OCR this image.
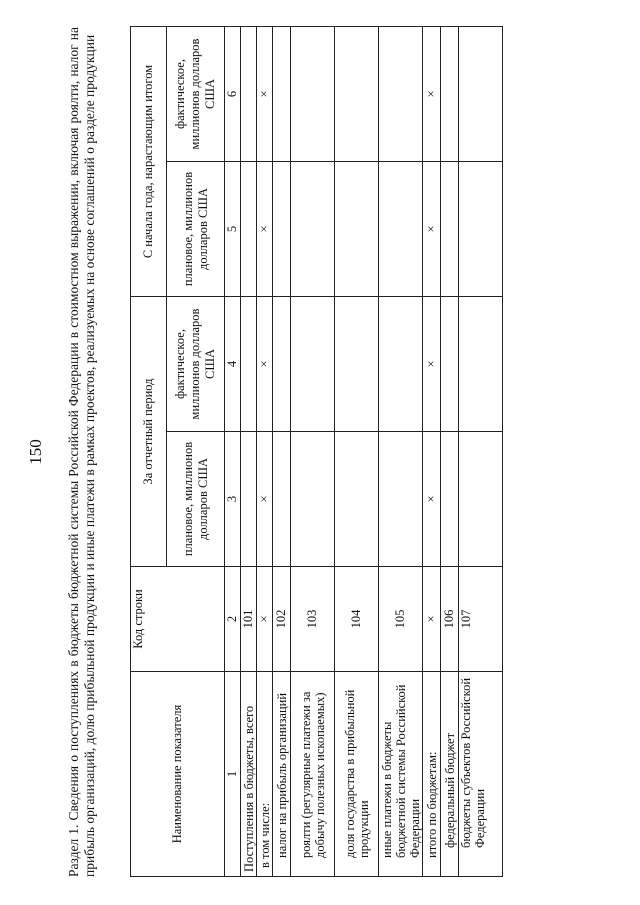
150 Раздел 1. Сведения о поступлениях в бюджеты бюджетной системы Российской Федерации в стоимостном выражении, включая роялти, налог на прибыль организаций, долю прибыльной продукции и иные платежи в рамках проектов, реализуемых на основе соглашений о разделе продукции	Наименование показателя	Код строки	За отчетный период		С начала года, нарастающим итогом	
		плановое, миллионов долларов США	фактическое, миллионов долларов США	плановое, миллионов долларов США	фактическое, миллионов долларов США
1	2	3	4	5	6
Поступления в бюджеты, всего	101				
в том числе:	×	×	×	×	×
налог на прибыль организаций	102				
роялти (регулярные платежи за добычу полезных ископаемых)	103				
доля государства в прибыльной продукции	104				
иные платежи в бюджеты бюджетной системы Российской Федерации	105				
итого по бюджетам:	×	×	×	×	×
федеральный бюджет	106				
бюджеты субъектов Российской Федерации	107				
